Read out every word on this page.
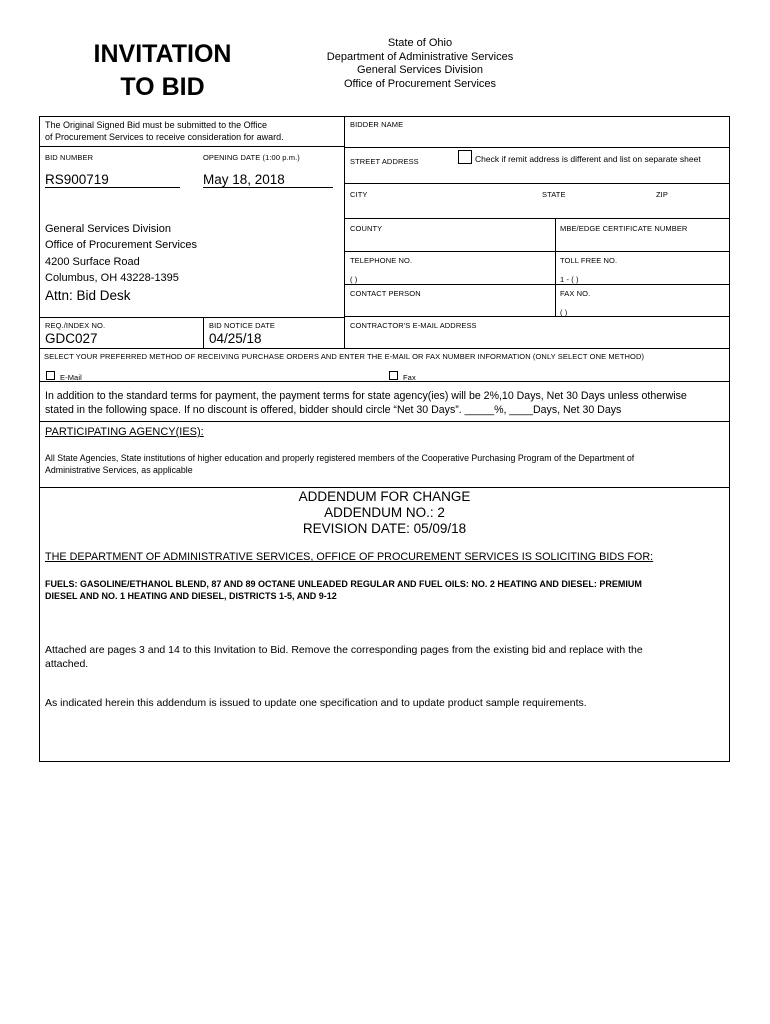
INVITATION
TO BID
State of Ohio
Department of Administrative Services
General Services Division
Office of Procurement Services
The Original Signed Bid must be submitted to the Office
of Procurement Services to receive consideration for award.
BID NUMBER	OPENING DATE (1:00 p.m.)
RS900719	May 18, 2018
General Services Division
Office of Procurement Services
4200 Surface Road
Columbus, OH 43228-1395
Attn: Bid Desk
REQ./INDEX NO.	BID NOTICE DATE
GDC027	04/25/18
BIDDER NAME
STREET ADDRESS	Check if remit address is different and list on separate sheet
CITY	STATE	ZIP
COUNTY	MBE/EDGE CERTIFICATE NUMBER
TELEPHONE NO.
( )
TOLL FREE NO.
1 - ( )
CONTACT PERSON	FAX NO.
( )
CONTRACTOR'S E-MAIL ADDRESS
SELECT YOUR PREFERRED METHOD OF RECEIVING PURCHASE ORDERS AND ENTER THE E-MAIL OR FAX NUMBER INFORMATION (ONLY SELECT ONE METHOD)
E-Mail	Fax
In addition to the standard terms for payment, the payment terms for state agency(ies) will be 2%,10 Days, Net 30 Days unless otherwise
stated in the following space. If no discount is offered, bidder should circle “Net 30 Days”. _____%, ____Days, Net 30 Days
PARTICIPATING AGENCY(IES):
All State Agencies, State institutions of higher education and properly registered members of the Cooperative Purchasing Program of the Department of
Administrative Services, as applicable
ADDENDUM FOR CHANGE
ADDENDUM NO.: 2
REVISION DATE: 05/09/18
THE DEPARTMENT OF ADMINISTRATIVE SERVICES, OFFICE OF PROCUREMENT SERVICES IS SOLICITING BIDS FOR:
FUELS: GASOLINE/ETHANOL BLEND, 87 AND 89 OCTANE UNLEADED REGULAR AND FUEL OILS: NO. 2 HEATING AND DIESEL: PREMIUM
DIESEL AND NO. 1 HEATING AND DIESEL, DISTRICTS 1-5, AND 9-12
Attached are pages 3 and 14 to this Invitation to Bid. Remove the corresponding pages from the existing bid and replace with the
attached.
As indicated herein this addendum is issued to update one specification and to update product sample requirements.
